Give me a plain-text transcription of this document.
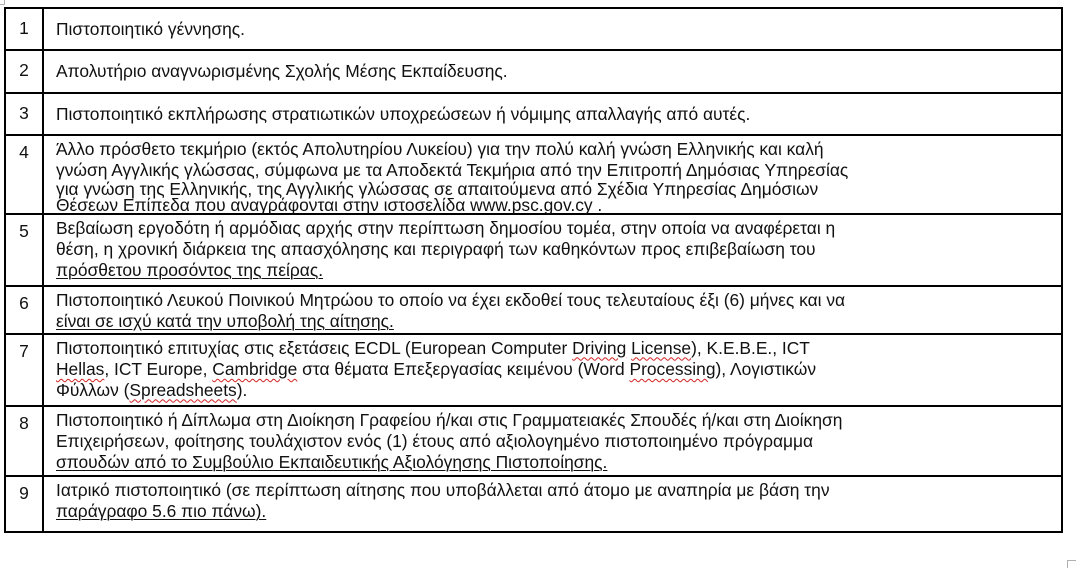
1	Πιστοποιητικό γέννησης.
2	Απολυτήριο αναγνωρισμένης Σχολής Μέσης Εκπαίδευσης.
3	Πιστοποιητικό εκπλήρωσης στρατιωτικών υποχρεώσεων ή νόμιμης απαλλαγής από αυτές.
4	Άλλο πρόσθετο τεκμήριο (εκτός Απολυτηρίου Λυκείου) για την πολύ καλή γνώση Ελληνικής και καλή
γνώση Αγγλικής γλώσσας, σύμφωνα με τα Αποδεκτά Τεκμήρια από την Επιτροπή Δημόσιας Υπηρεσίας
για γνώση της Ελληνικής, της Αγγλικής γλώσσας σε απαιτούμενα από Σχέδια Υπηρεσίας Δημόσιων
Θέσεων Επίπεδα που αναγράφονται στην ιστοσελίδα www.psc.gov.cy .

5	Βεβαίωση εργοδότη ή αρμόδιας αρχής στην περίπτωση δημοσίου τομέα, στην οποία να αναφέρεται η
θέση, η χρονική διάρκεια της απασχόλησης και περιγραφή των καθηκόντων προς επιβεβαίωση του
πρόσθετου προσόντος της πείρας.

6	Πιστοποιητικό Λευκού Ποινικού Μητρώου το οποίο να έχει εκδοθεί τους τελευταίους έξι (6) μήνες και να
είναι σε ισχύ κατά την υποβολή της αίτησης.

7	Πιστοποιητικό επιτυχίας στις εξετάσεις ECDL (European Computer Driving License), K.E.B.E., ICT
Hellas, ICT Europe, Cambridge στα θέματα Επεξεργασίας κειμένου (Word Processing), Λογιστικών
Φύλλων (Spreadsheets).

8	Πιστοποιητικό ή Δίπλωμα στη Διοίκηση Γραφείου ή/και στις Γραμματειακές Σπουδές ή/και στη Διοίκηση
Επιχειρήσεων, φοίτησης τουλάχιστον ενός (1) έτους από αξιολογημένο πιστοποιημένο πρόγραμμα
σπουδών από το Συμβούλιο Εκπαιδευτικής Αξιολόγησης Πιστοποίησης.

9	Ιατρικό πιστοποιητικό (σε περίπτωση αίτησης που υποβάλλεται από άτομο με αναπηρία με βάση την
παράγραφο 5.6 πιο πάνω).
